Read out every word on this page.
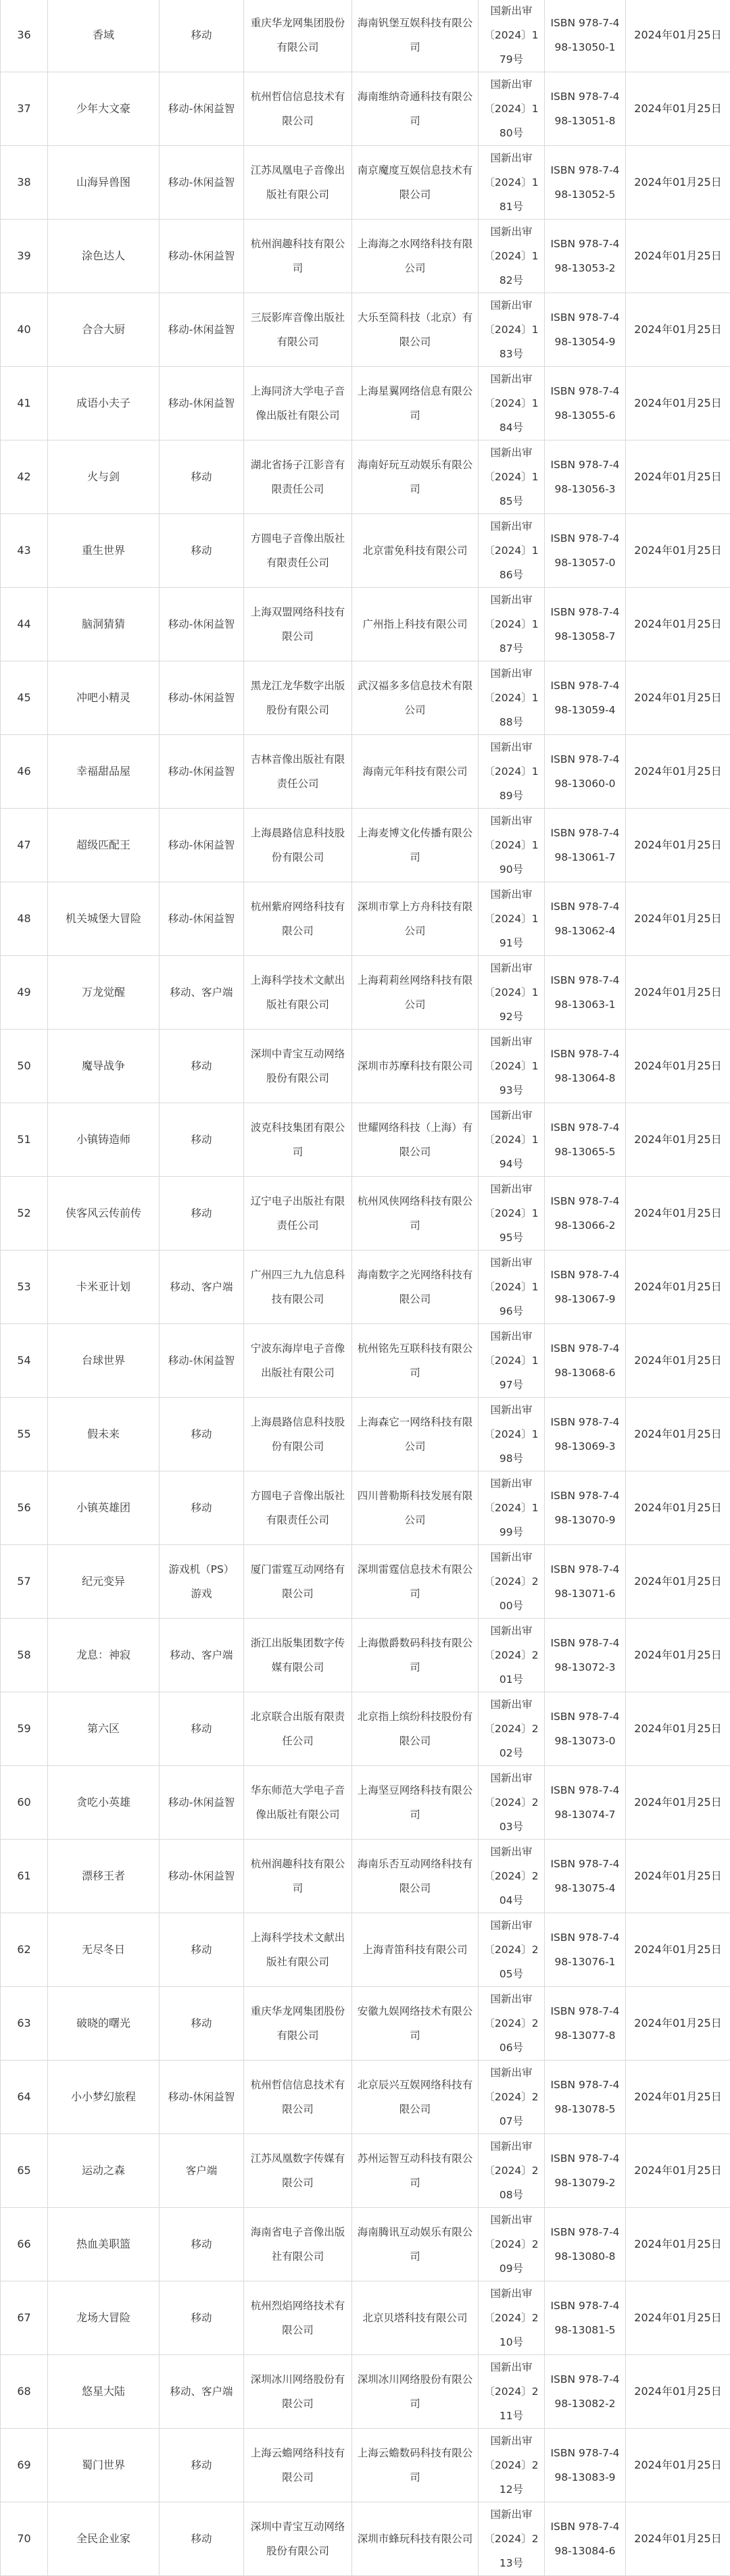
36	香域	移动	重庆华龙网集团股份有限公司	海南钒堡互娱科技有限公司	国新出审〔2024〕179号	ISBN 978-7-498-13050-1	2024年01月25日
37	少年大文豪	移动-休闲益智	杭州哲信信息技术有限公司	海南维纳奇通科技有限公司	国新出审〔2024〕180号	ISBN 978-7-498-13051-8	2024年01月25日
38	山海异兽图	移动-休闲益智	江苏凤凰电子音像出版社有限公司	南京魔度互娱信息技术有限公司	国新出审〔2024〕181号	ISBN 978-7-498-13052-5	2024年01月25日
39	涂色达人	移动-休闲益智	杭州润趣科技有限公司	上海海之水网络科技有限公司	国新出审〔2024〕182号	ISBN 978-7-498-13053-2	2024年01月25日
40	合合大厨	移动-休闲益智	三辰影库音像出版社有限公司	大乐至简科技（北京）有限公司	国新出审〔2024〕183号	ISBN 978-7-498-13054-9	2024年01月25日
41	成语小夫子	移动-休闲益智	上海同济大学电子音像出版社有限公司	上海星翼网络信息有限公司	国新出审〔2024〕184号	ISBN 978-7-498-13055-6	2024年01月25日
42	火与剑	移动	湖北省扬子江影音有限责任公司	海南好玩互动娱乐有限公司	国新出审〔2024〕185号	ISBN 978-7-498-13056-3	2024年01月25日
43	重生世界	移动	方圆电子音像出版社有限责任公司	北京雷免科技有限公司	国新出审〔2024〕186号	ISBN 978-7-498-13057-0	2024年01月25日
44	脑洞猜猜	移动-休闲益智	上海双盟网络科技有限公司	广州指上科技有限公司	国新出审〔2024〕187号	ISBN 978-7-498-13058-7	2024年01月25日
45	冲吧小精灵	移动-休闲益智	黑龙江龙华数字出版股份有限公司	武汉福多多信息技术有限公司	国新出审〔2024〕188号	ISBN 978-7-498-13059-4	2024年01月25日
46	幸福甜品屋	移动-休闲益智	吉林音像出版社有限责任公司	海南元年科技有限公司	国新出审〔2024〕189号	ISBN 978-7-498-13060-0	2024年01月25日
47	超级匹配王	移动-休闲益智	上海晨路信息科技股份有限公司	上海麦博文化传播有限公司	国新出审〔2024〕190号	ISBN 978-7-498-13061-7	2024年01月25日
48	机关城堡大冒险	移动-休闲益智	杭州紫府网络科技有限公司	深圳市掌上方舟科技有限公司	国新出审〔2024〕191号	ISBN 978-7-498-13062-4	2024年01月25日
49	万龙觉醒	移动、客户端	上海科学技术文献出版社有限公司	上海莉莉丝网络科技有限公司	国新出审〔2024〕192号	ISBN 978-7-498-13063-1	2024年01月25日
50	魔导战争	移动	深圳中青宝互动网络股份有限公司	深圳市苏摩科技有限公司	国新出审〔2024〕193号	ISBN 978-7-498-13064-8	2024年01月25日
51	小镇铸造师	移动	波克科技集团有限公司	世耀网络科技（上海）有限公司	国新出审〔2024〕194号	ISBN 978-7-498-13065-5	2024年01月25日
52	侠客风云传前传	移动	辽宁电子出版社有限责任公司	杭州风侠网络科技有限公司	国新出审〔2024〕195号	ISBN 978-7-498-13066-2	2024年01月25日
53	卡米亚计划	移动、客户端	广州四三九九信息科技有限公司	海南数字之光网络科技有限公司	国新出审〔2024〕196号	ISBN 978-7-498-13067-9	2024年01月25日
54	台球世界	移动-休闲益智	宁波东海岸电子音像出版社有限公司	杭州铭先互联科技有限公司	国新出审〔2024〕197号	ISBN 978-7-498-13068-6	2024年01月25日
55	假未来	移动	上海晨路信息科技股份有限公司	上海森它一网络科技有限公司	国新出审〔2024〕198号	ISBN 978-7-498-13069-3	2024年01月25日
56	小镇英雄团	移动	方圆电子音像出版社有限责任公司	四川普勒斯科技发展有限公司	国新出审〔2024〕199号	ISBN 978-7-498-13070-9	2024年01月25日
57	纪元变异	游戏机（PS）游戏	厦门雷霆互动网络有限公司	深圳雷霆信息技术有限公司	国新出审〔2024〕200号	ISBN 978-7-498-13071-6	2024年01月25日
58	龙息：神寂	移动、客户端	浙江出版集团数字传媒有限公司	上海傲爵数码科技有限公司	国新出审〔2024〕201号	ISBN 978-7-498-13072-3	2024年01月25日
59	第六区	移动	北京联合出版有限责任公司	北京指上缤纷科技股份有限公司	国新出审〔2024〕202号	ISBN 978-7-498-13073-0	2024年01月25日
60	贪吃小英雄	移动-休闲益智	华东师范大学电子音像出版社有限公司	上海坚豆网络科技有限公司	国新出审〔2024〕203号	ISBN 978-7-498-13074-7	2024年01月25日
61	漂移王者	移动-休闲益智	杭州润趣科技有限公司	海南乐否互动网络科技有限公司	国新出审〔2024〕204号	ISBN 978-7-498-13075-4	2024年01月25日
62	无尽冬日	移动	上海科学技术文献出版社有限公司	上海青笛科技有限公司	国新出审〔2024〕205号	ISBN 978-7-498-13076-1	2024年01月25日
63	破晓的曙光	移动	重庆华龙网集团股份有限公司	安徽九娱网络技术有限公司	国新出审〔2024〕206号	ISBN 978-7-498-13077-8	2024年01月25日
64	小小梦幻旅程	移动-休闲益智	杭州哲信信息技术有限公司	北京辰兴互娱网络科技有限公司	国新出审〔2024〕207号	ISBN 978-7-498-13078-5	2024年01月25日
65	运动之森	客户端	江苏凤凰数字传媒有限公司	苏州运智互动科技有限公司	国新出审〔2024〕208号	ISBN 978-7-498-13079-2	2024年01月25日
66	热血美职篮	移动	海南省电子音像出版社有限公司	海南腾讯互动娱乐有限公司	国新出审〔2024〕209号	ISBN 978-7-498-13080-8	2024年01月25日
67	龙场大冒险	移动	杭州烈焰网络技术有限公司	北京贝塔科技有限公司	国新出审〔2024〕210号	ISBN 978-7-498-13081-5	2024年01月25日
68	悠星大陆	移动、客户端	深圳冰川网络股份有限公司	深圳冰川网络股份有限公司	国新出审〔2024〕211号	ISBN 978-7-498-13082-2	2024年01月25日
69	蜀门世界	移动	上海云蟾网络科技有限公司	上海云蟾数码科技有限公司	国新出审〔2024〕212号	ISBN 978-7-498-13083-9	2024年01月25日
70	全民企业家	移动	深圳中青宝互动网络股份有限公司	深圳市蜂玩科技有限公司	国新出审〔2024〕213号	ISBN 978-7-498-13084-6	2024年01月25日
